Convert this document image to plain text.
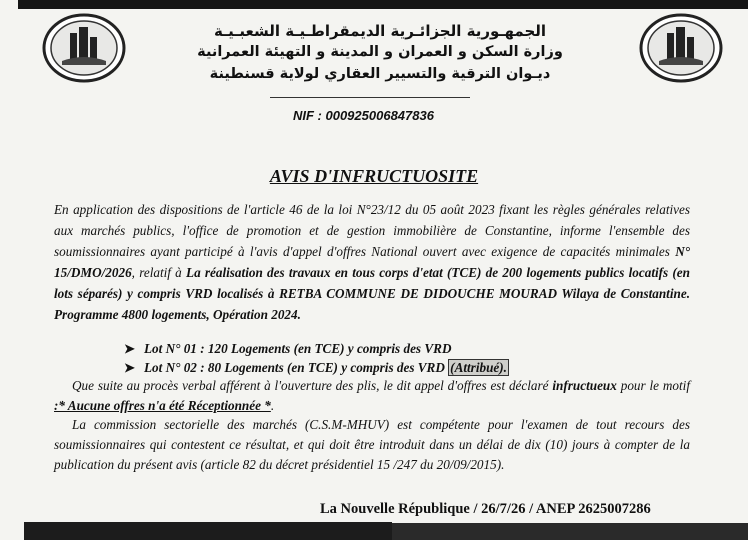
الجمهـورية الجزائـرية الديمقراطـيـة الشعبـيـة
وزارة السكن و العمران و المدينة و التهيئة العمرانية
ديـوان الترقية والتسيير العقاري لولاية قسنطينة
NIF : 000925006847836
AVIS D'INFRUCTUOSITE
En application des dispositions de l'article 46 de la loi N°23/12 du 05 août 2023 fixant les règles générales relatives aux marchés publics, l'office de promotion et de gestion immobilière de Constantine, informe l'ensemble des soumissionnaires ayant participé à l'avis d'appel d'offres National ouvert avec exigence de capacités minimales N° 15/DMO/2026, relatif à La réalisation des travaux en tous corps d'etat (TCE) de 200 logements publics locatifs (en lots séparés) y compris VRD localisés à RETBA COMMUNE DE DIDOUCHE MOURAD Wilaya de Constantine. Programme 4800 logements, Opération 2024.
➤ Lot N° 01 : 120 Logements (en TCE) y compris des VRD
➤ Lot N° 02 : 80 Logements (en TCE) y compris des VRD (Attribué).
Que suite au procès verbal afférent à l'ouverture des plis, le dit appel d'offres est déclaré infructueux pour le motif :* Aucune offres n'a été Réceptionnée *.
La commission sectorielle des marchés (C.S.M-MHUV) est compétente pour l'examen de tout recours des soumissionnaires qui contestent ce résultat, et qui doit être introduit dans un délai de dix (10) jours à compter de la publication du présent avis (article 82 du décret présidentiel 15 /247 du 20/09/2015).
La Nouvelle République / 26/7/26 / ANEP 2625007286
